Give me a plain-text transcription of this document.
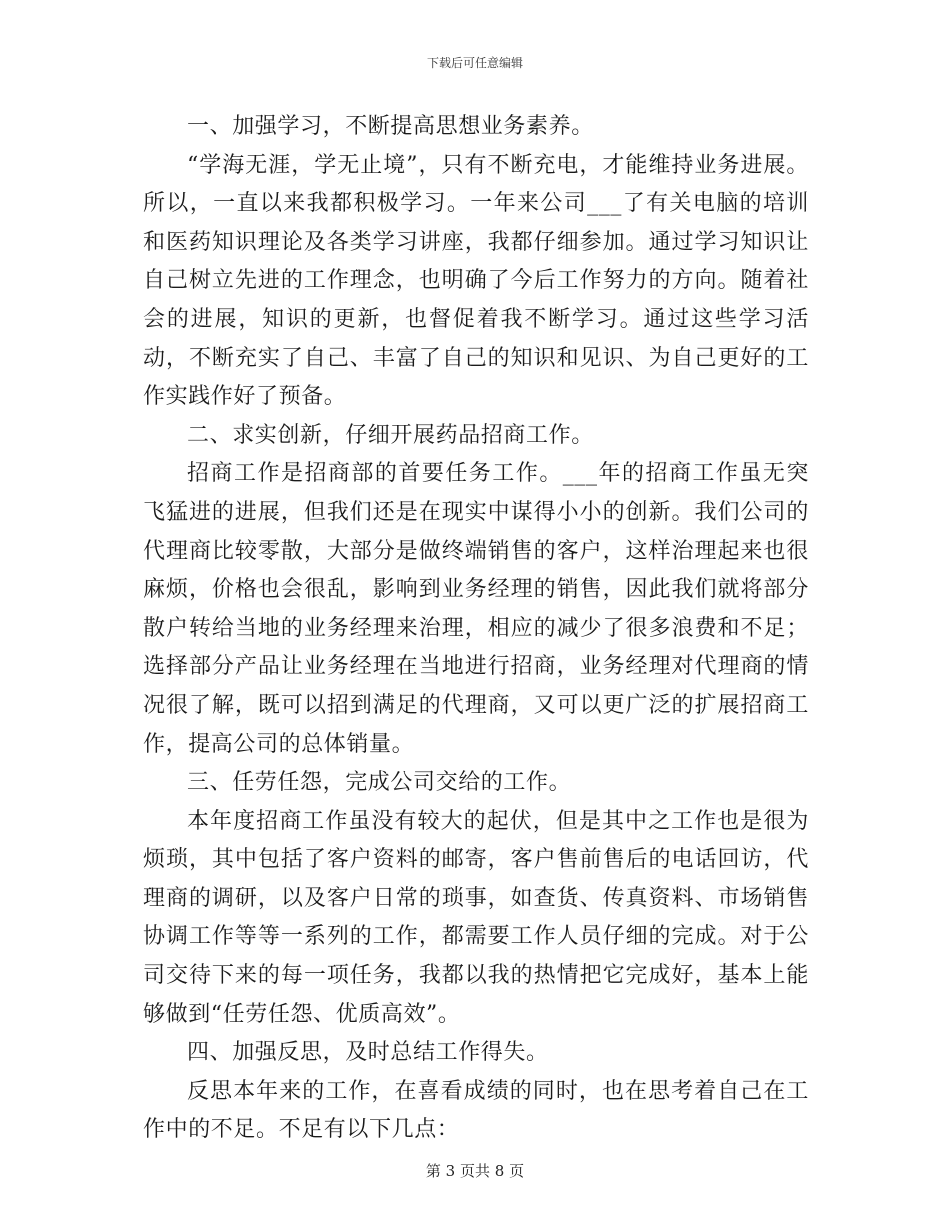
下载后可任意编辑

一、加强学习，不断提高思想业务素养。

“学海无涯，学无止境”，只有不断充电，才能维持业务进展。所以，一直以来我都积极学习。一年来公司___了有关电脑的培训和医药知识理论及各类学习讲座，我都仔细参加。通过学习知识让自己树立先进的工作理念，也明确了今后工作努力的方向。随着社会的进展，知识的更新，也督促着我不断学习。通过这些学习活动，不断充实了自己、丰富了自己的知识和见识、为自己更好的工作实践作好了预备。

二、求实创新，仔细开展药品招商工作。

招商工作是招商部的首要任务工作。___年的招商工作虽无突飞猛进的进展，但我们还是在现实中谋得小小的创新。我们公司的代理商比较零散，大部分是做终端销售的客户，这样治理起来也很麻烦，价格也会很乱，影响到业务经理的销售，因此我们就将部分散户转给当地的业务经理来治理，相应的减少了很多浪费和不足；选择部分产品让业务经理在当地进行招商，业务经理对代理商的情况很了解，既可以招到满足的代理商，又可以更广泛的扩展招商工作，提高公司的总体销量。

三、任劳任怨，完成公司交给的工作。

本年度招商工作虽没有较大的起伏，但是其中之工作也是很为烦琐，其中包括了客户资料的邮寄，客户售前售后的电话回访，代理商的调研，以及客户日常的琐事，如查货、传真资料、市场销售协调工作等等一系列的工作，都需要工作人员仔细的完成。对于公司交待下来的每一项任务，我都以我的热情把它完成好，基本上能够做到“任劳任怨、优质高效”。

四、加强反思，及时总结工作得失。

反思本年来的工作，在喜看成绩的同时，也在思考着自己在工作中的不足。不足有以下几点：

第 3 页共 8 页
